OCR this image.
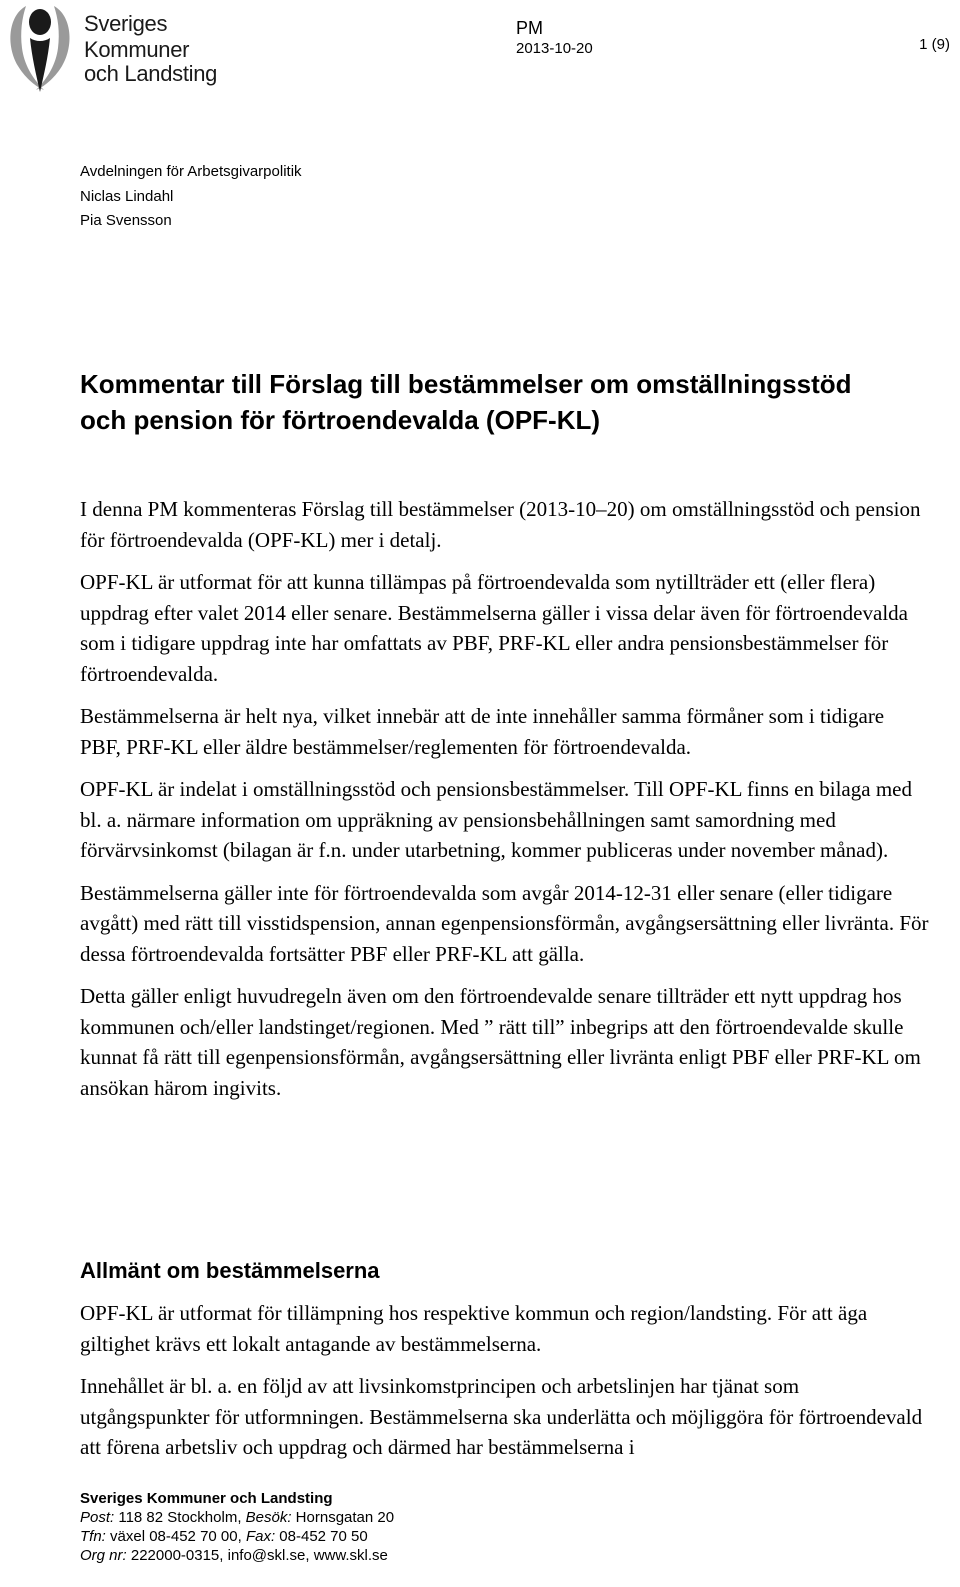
Sveriges
Kommuner
och Landsting
PM
2013-10-20	1 (9)
Avdelningen för Arbetsgivarpolitik
Niclas Lindahl
Pia Svensson
Kommentar till Förslag till bestämmelser om omställningsstöd
och pension för förtroendevalda (OPF-KL)

I denna PM kommenteras Förslag till bestämmelser (2013-10–20) om omställningsstöd och pension för förtroendevalda (OPF-KL) mer i detalj.

OPF-KL är utformat för att kunna tillämpas på förtroendevalda som nytillträder ett (eller flera) uppdrag efter valet 2014 eller senare. Bestämmelserna gäller i vissa delar även för förtroendevalda som i tidigare uppdrag inte har omfattats av PBF, PRF-KL eller andra pensionsbestämmelser för förtroendevalda.

Bestämmelserna är helt nya, vilket innebär att de inte innehåller samma förmåner som i tidigare PBF, PRF-KL eller äldre bestämmelser/reglementen för förtroendevalda.

OPF-KL är indelat i omställningsstöd och pensionsbestämmelser. Till OPF-KL finns en bilaga med bl. a. närmare information om uppräkning av pensionsbehållningen samt samordning med förvärvsinkomst (bilagan är f.n. under utarbetning, kommer publiceras under november månad).

Bestämmelserna gäller inte för förtroendevalda som avgår 2014-12-31 eller senare (eller tidigare avgått) med rätt till visstidspension, annan egenpensionsförmån, avgångsersättning eller livränta. För dessa förtroendevalda fortsätter PBF eller PRF-KL att gälla.

Detta gäller enligt huvudregeln även om den förtroendevalde senare tillträder ett nytt uppdrag hos kommunen och/eller landstinget/regionen. Med ” rätt till” inbegrips att den förtroendevalde skulle kunnat få rätt till egenpensionsförmån, avgångsersättning eller livränta enligt PBF eller PRF-KL om ansökan härom ingivits.

Allmänt om bestämmelserna

OPF-KL är utformat för tillämpning hos respektive kommun och region/landsting. För att äga giltighet krävs ett lokalt antagande av bestämmelserna.

Innehållet är bl. a. en följd av att livsinkomstprincipen och arbetslinjen har tjänat som utgångspunkter för utformningen. Bestämmelserna ska underlätta och möjliggöra för förtroendevald att förena arbetsliv och uppdrag och därmed har bestämmelserna i

Sveriges Kommuner och Landsting
Post: 118 82 Stockholm, Besök: Hornsgatan 20
Tfn: växel 08-452 70 00, Fax: 08-452 70 50
Org nr: 222000-0315, info@skl.se, www.skl.se
